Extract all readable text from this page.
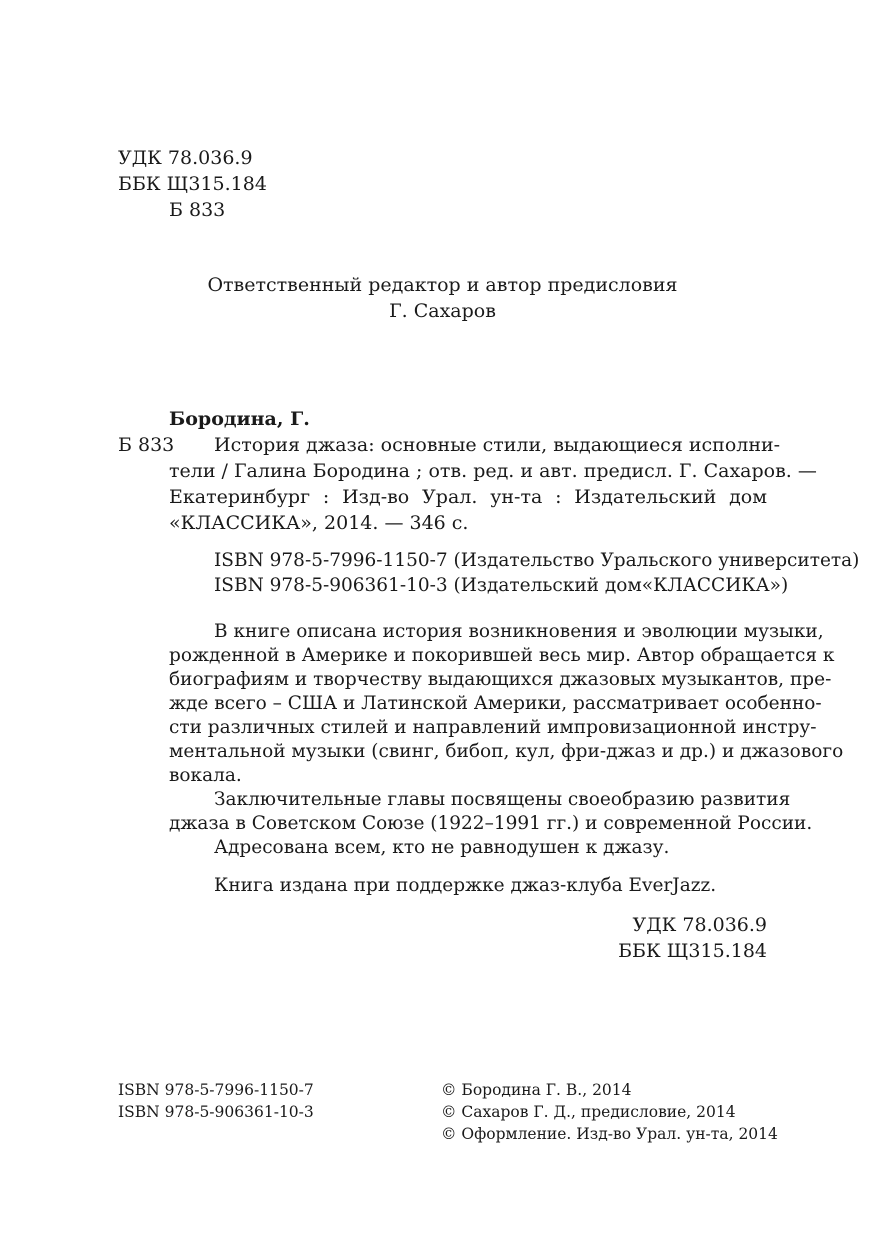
УДК 78.036.9
ББК Щ315.184
Б 833
Ответственный редактор и автор предисловия
Г. Сахаров
Бородина, Г.
Б 833 История джаза: основные стили, выдающиеся исполни-
тели / Галина Бородина ; отв. ред. и авт. предисл. Г. Сахаров. —
Екатеринбург : Изд-во Урал. ун-та : Издательский дом
«КЛАССИКА», 2014. — 346 с.
ISBN 978-5-7996-1150-7 (Издательство Уральского университета)
ISBN 978-5-906361-10-3 (Издательский дом«КЛАССИКА»)
В книге описана история возникновения и эволюции музыки,
рожденной в Америке и покорившей весь мир. Автор обращается к
биографиям и творчеству выдающихся джазовых музыкантов, пре-
жде всего – США и Латинской Америки, рассматривает особенно-
сти различных стилей и направлений импровизационной инстру-
ментальной музыки (свинг, бибоп, кул, фри-джаз и др.) и джазового
вокала.
Заключительные главы посвящены своеобразию развития
джаза в Советском Союзе (1922–1991 гг.) и современной России.
Адресована всем, кто не равнодушен к джазу.
Книга издана при поддержке джаз-клуба EverJazz.
УДК 78.036.9
ББК Щ315.184
ISBN 978-5-7996-1150-7
ISBN 978-5-906361-10-3
© Бородина Г. В., 2014
© Сахаров Г. Д., предисловие, 2014
© Оформление. Изд-во Урал. ун-та, 2014
